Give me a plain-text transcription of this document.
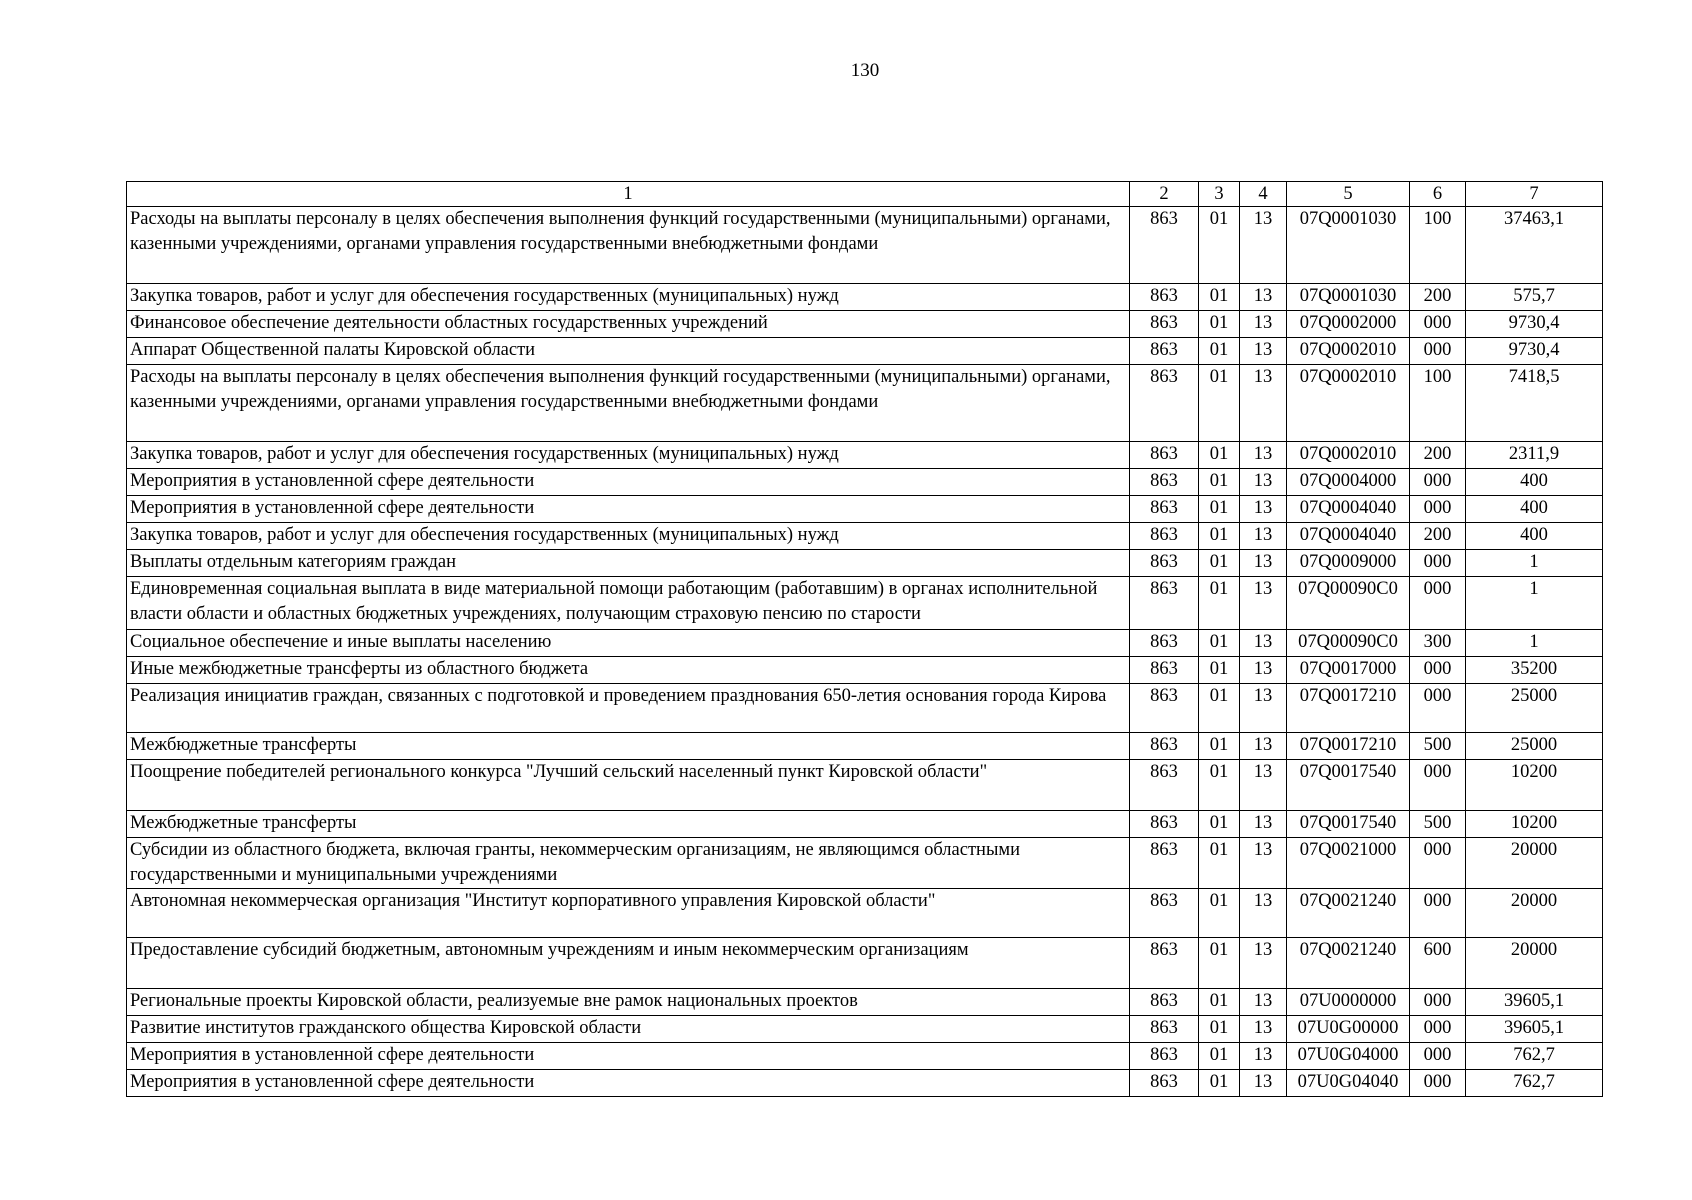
130
1	2	3	4	5	6	7
Расходы на выплаты персоналу в целях обеспечения выполнения функций государственными (муниципальными) органами, казенными учреждениями, органами управления государственными внебюджетными фондами	863	01	13	07Q0001030	100	37463,1
Закупка товаров, работ и услуг для обеспечения государственных (муниципальных) нужд	863	01	13	07Q0001030	200	575,7
Финансовое обеспечение деятельности областных государственных учреждений	863	01	13	07Q0002000	000	9730,4
Аппарат Общественной палаты Кировской области	863	01	13	07Q0002010	000	9730,4
Расходы на выплаты персоналу в целях обеспечения выполнения функций государственными (муниципальными) органами, казенными учреждениями, органами управления государственными внебюджетными фондами	863	01	13	07Q0002010	100	7418,5
Закупка товаров, работ и услуг для обеспечения государственных (муниципальных) нужд	863	01	13	07Q0002010	200	2311,9
Мероприятия в установленной сфере деятельности	863	01	13	07Q0004000	000	400
Мероприятия в установленной сфере деятельности	863	01	13	07Q0004040	000	400
Закупка товаров, работ и услуг для обеспечения государственных (муниципальных) нужд	863	01	13	07Q0004040	200	400
Выплаты отдельным категориям граждан	863	01	13	07Q0009000	000	1
Единовременная социальная выплата в виде материальной помощи работающим (работавшим) в органах исполнительной власти области и областных бюджетных учреждениях, получающим страховую пенсию по старости	863	01	13	07Q00090C0	000	1
Социальное обеспечение и иные выплаты населению	863	01	13	07Q00090C0	300	1
Иные межбюджетные трансферты из областного бюджета	863	01	13	07Q0017000	000	35200
Реализация инициатив граждан, связанных с подготовкой и проведением празднования 650-летия основания города Кирова	863	01	13	07Q0017210	000	25000
Межбюджетные трансферты	863	01	13	07Q0017210	500	25000
Поощрение победителей регионального конкурса "Лучший сельский населенный пункт Кировской области"	863	01	13	07Q0017540	000	10200
Межбюджетные трансферты	863	01	13	07Q0017540	500	10200
Субсидии из областного бюджета, включая гранты, некоммерческим организациям, не являющимся областными государственными и муниципальными учреждениями	863	01	13	07Q0021000	000	20000
Автономная некоммерческая организация "Институт корпоративного управления Кировской области"	863	01	13	07Q0021240	000	20000
Предоставление субсидий бюджетным, автономным учреждениям и иным некоммерческим организациям	863	01	13	07Q0021240	600	20000
Региональные проекты Кировской области, реализуемые вне рамок национальных проектов	863	01	13	07U0000000	000	39605,1
Развитие институтов гражданского общества Кировской области	863	01	13	07U0G00000	000	39605,1
Мероприятия в установленной сфере деятельности	863	01	13	07U0G04000	000	762,7
Мероприятия в установленной сфере деятельности	863	01	13	07U0G04040	000	762,7
